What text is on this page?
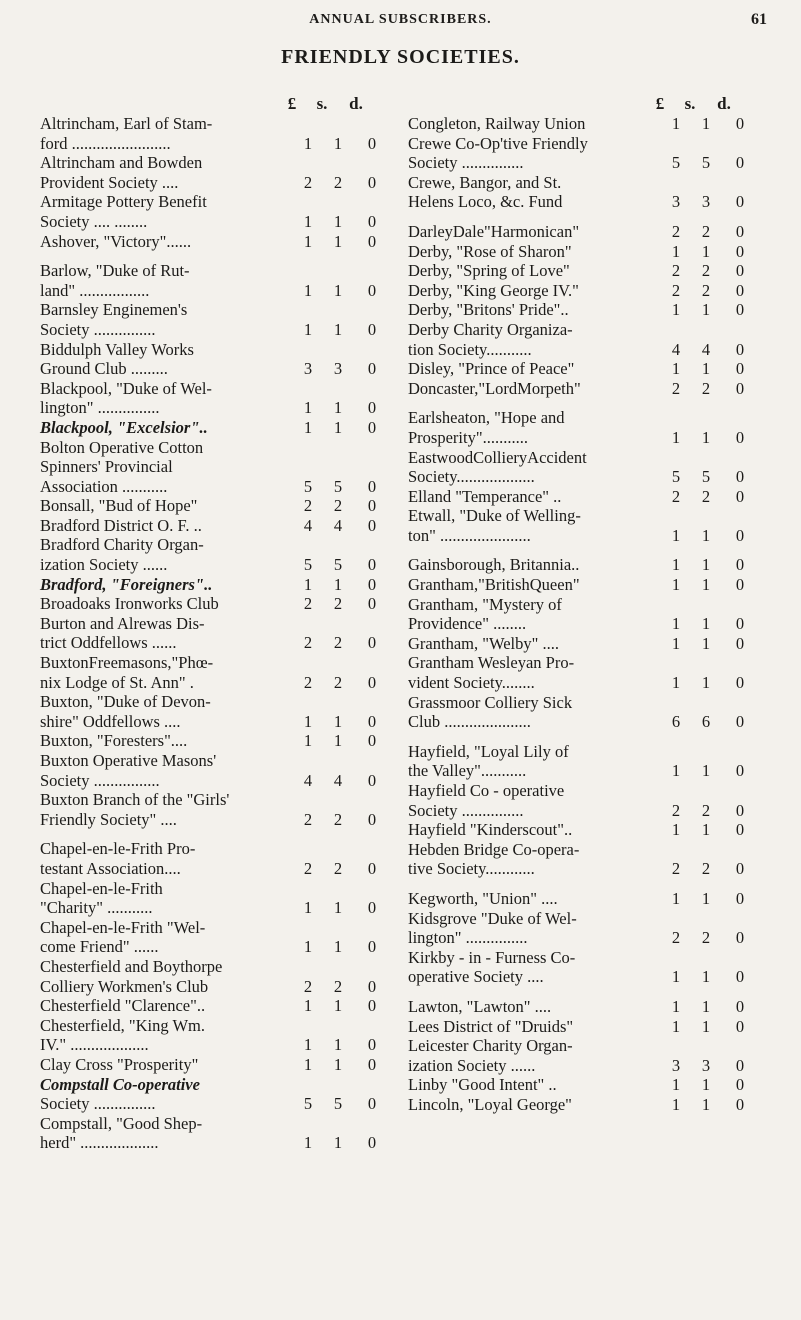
ANNUAL SUBSCRIBERS.	61
FRIENDLY SOCIETIES.
£ s. d.
Altrincham, Earl of Stam-
ford ........................	1 1 0
Altrincham and Bowden
Provident Society ....	2 2 0
Armitage Pottery Benefit
Society .... ........	1 1 0
Ashover, "Victory"......	1 1 0
Barlow, "Duke of Rut-
land" .................	1 1 0
Barnsley Enginemen's
Society ...............	1 1 0
Biddulph Valley Works
Ground Club .........	3 3 0
Blackpool, "Duke of Wel-
lington" ...............	1 1 0
Blackpool, "Excelsior"..	1 1 0
Bolton Operative Cotton
Spinners' Provincial
Association ...........	5 5 0
Bonsall, "Bud of Hope"	2 2 0
Bradford District O. F. ..	4 4 0
Bradford Charity Organ-
ization Society ......	5 5 0
Bradford, "Foreigners"..	1 1 0
Broadoaks Ironworks Club	2 2 0
Burton and Alrewas Dis-
trict Oddfellows ......	2 2 0
BuxtonFreemasons,"Phœ-
nix Lodge of St. Ann" .	2 2 0
Buxton, "Duke of Devon-
shire" Oddfellows ....	1 1 0
Buxton, "Foresters"....	1 1 0
Buxton Operative Masons'
Society ................	4 4 0
Buxton Branch of the "Girls'
Friendly Society" ....	2 2 0
Chapel-en-le-Frith Pro-
testant Association....	2 2 0
Chapel-en-le-Frith
"Charity" ...........	1 1 0
Chapel-en-le-Frith "Wel-
come Friend" ......	1 1 0
Chesterfield and Boythorpe
Colliery Workmen's Club	2 2 0
Chesterfield "Clarence"..	1 1 0
Chesterfield, "King Wm.
IV." ...................	1 1 0
Clay Cross "Prosperity"	1 1 0
Compstall Co-operative
Society ...............	5 5 0
Compstall, "Good Shep-
herd" ...................	1 1 0
£ s. d.
Congleton, Railway Union	1 1 0
Crewe Co-Op'tive Friendly
Society ...............	5 5 0
Crewe, Bangor, and St.
Helens Loco, &c. Fund	3 3 0
DarleyDale"Harmonican"	2 2 0
Derby, "Rose of Sharon"	1 1 0
Derby, "Spring of Love"	2 2 0
Derby, "King George IV."	2 2 0
Derby, "Britons' Pride"..	1 1 0
Derby Charity Organiza-
tion Society...........	4 4 0
Disley, "Prince of Peace"	1 1 0
Doncaster,"LordMorpeth"	2 2 0
Earlsheaton, "Hope and
Prosperity"...........	1 1 0
EastwoodCollieryAccident
Society...................	5 5 0
Elland "Temperance" ..	2 2 0
Etwall, "Duke of Welling-
ton" ......................	1 1 0
Gainsborough, Britannia..	1 1 0
Grantham,"BritishQueen"	1 1 0
Grantham, "Mystery of
Providence" ........	1 1 0
Grantham, "Welby" ....	1 1 0
Grantham Wesleyan Pro-
vident Society........	1 1 0
Grassmoor Colliery Sick
Club .....................	6 6 0
Hayfield, "Loyal Lily of
the Valley"...........	1 1 0
Hayfield Co - operative
Society ...............	2 2 0
Hayfield "Kinderscout"..	1 1 0
Hebden Bridge Co-opera-
tive Society............	2 2 0
Kegworth, "Union" ....	1 1 0
Kidsgrove "Duke of Wel-
lington" ...............	2 2 0
Kirkby - in - Furness Co-
operative Society ....	1 1 0
Lawton, "Lawton" ....	1 1 0
Lees District of "Druids"	1 1 0
Leicester Charity Organ-
ization Society ......	3 3 0
Linby "Good Intent" ..	1 1 0
Lincoln, "Loyal George"	1 1 0
